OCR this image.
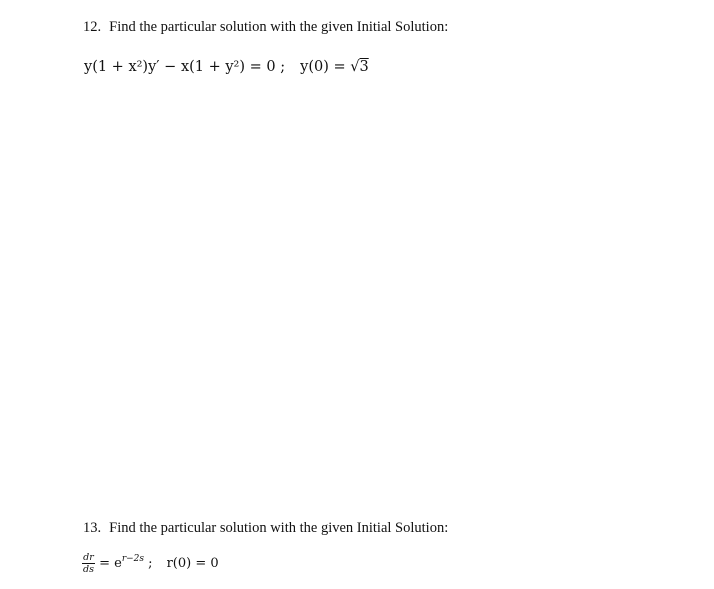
12. Find the particular solution with the given Initial Solution:
y(1 + x²)y′ − x(1 + y²) = 0 ; y(0) = √3
13. Find the particular solution with the given Initial Solution:
$\frac{dr}{ds} = e^{r-2s}$ ; r(0) = 0
